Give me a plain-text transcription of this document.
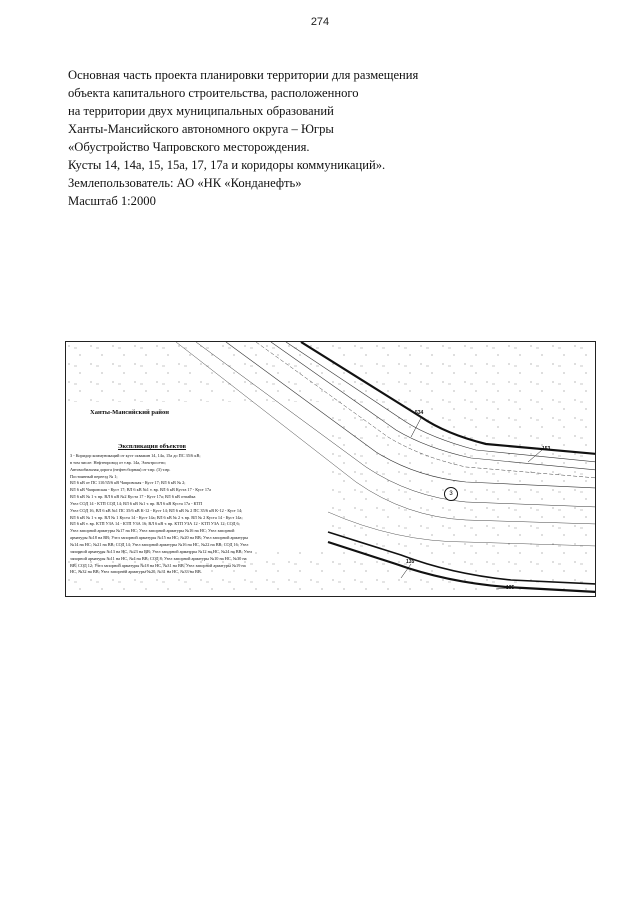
274
Основная часть проекта планировки территории для размещения
объекта капитального строительства, расположенного
на территории двух муниципальных образований
Ханты-Мансийского автономного округа – Югры
«Обустройство Чапровского месторождения.
Кусты 14, 14а, 15, 15а, 17, 17а и коридоры коммуникаций».
Землепользователь: АО «НК «Конданефть»
Масштаб 1:2000
Ханты-Мансийский район
Экспликация объектов
3 - Коридор коммуникаций от куст скважин 14, 14а, 15а до ПС 35/6 кВ;
в том числе: Нефтепровод от т.вр. 14а, Электросети;
Автомобильная дорога (нефтесборная) от т.вр. (3) т.вр.
Постоянный переезд № 1;
ВЛ 6 кВ от ПС 110/35/6 кВ Чапровская - Куст 17; ВЛ 6 кВ № 2;
ВЛ 6 кВ Чапровская - Куст 17; ВЛ 6 кВ №1 т. вр. ВЛ 6 кВ Куста 17 - Куст 17а
ВЛ 6 кВ № 1 т. вр. ВЛ 6 кВ №2 Куста 17 - Куст 17а; ВЛ 6 кВ отпайка
Узел СОД 14 - КТП СОД 14; ВЛ 6 кВ №1 т. вр. ВЛ 6 кВ Куста 17а - КТП
Узел СОД 16, ВЛ 6 кВ №1 ПС 35/6 кВ К-12 - Куст 14; ВЛ 6 кВ № 2 ПС 35/6 кВ К-12 - Куст 14;
ВЛ 6 кВ № 1 т. вр. ВЛ № 1 Куста 14 - Куст 14а; ВЛ 6 кВ № 2 т. вр. ВЛ № 2 Куста 14 - Куст 14а;
ВЛ 6 кВ т. вр. КТП УЗА 14 - КТП УЗА 16; ВЛ 6 кВ т. вр. КТП УЗА 12 - КТП УЗА 12; СОД 6;
Узел запорной арматуры №17 на НС; Узел запорной арматуры №16 на НС; Узел запорной
арматуры №18 на ВВ; Узел запорной арматуры №15 на НС; №20 на ВВ; Узел запорной арматуры
№14 на НС; №21 на ВВ; СОД 14; Узел запорной арматуры №16 на НС, №22 на ВВ; СОД 16; Узел
запорной арматуры №13 на НС, №23 на ВВ; Узел запорной арматуры №12 на НС, №24 на ВВ; Узел
запорной арматуры №11 на НС, №4 на ВВ; СОД 8; Узел запорной арматуры №10 на НС, №30 на
ВВ; СОД 12; Узел запорной арматуры №18 на НС, №31 на ВВ; Узел запорной арматуры №19 на
НС, №32 на ВВ; Узел запорной арматуры №20, №31 на НС, №33 на ВВ.
534
153
135
135
3
